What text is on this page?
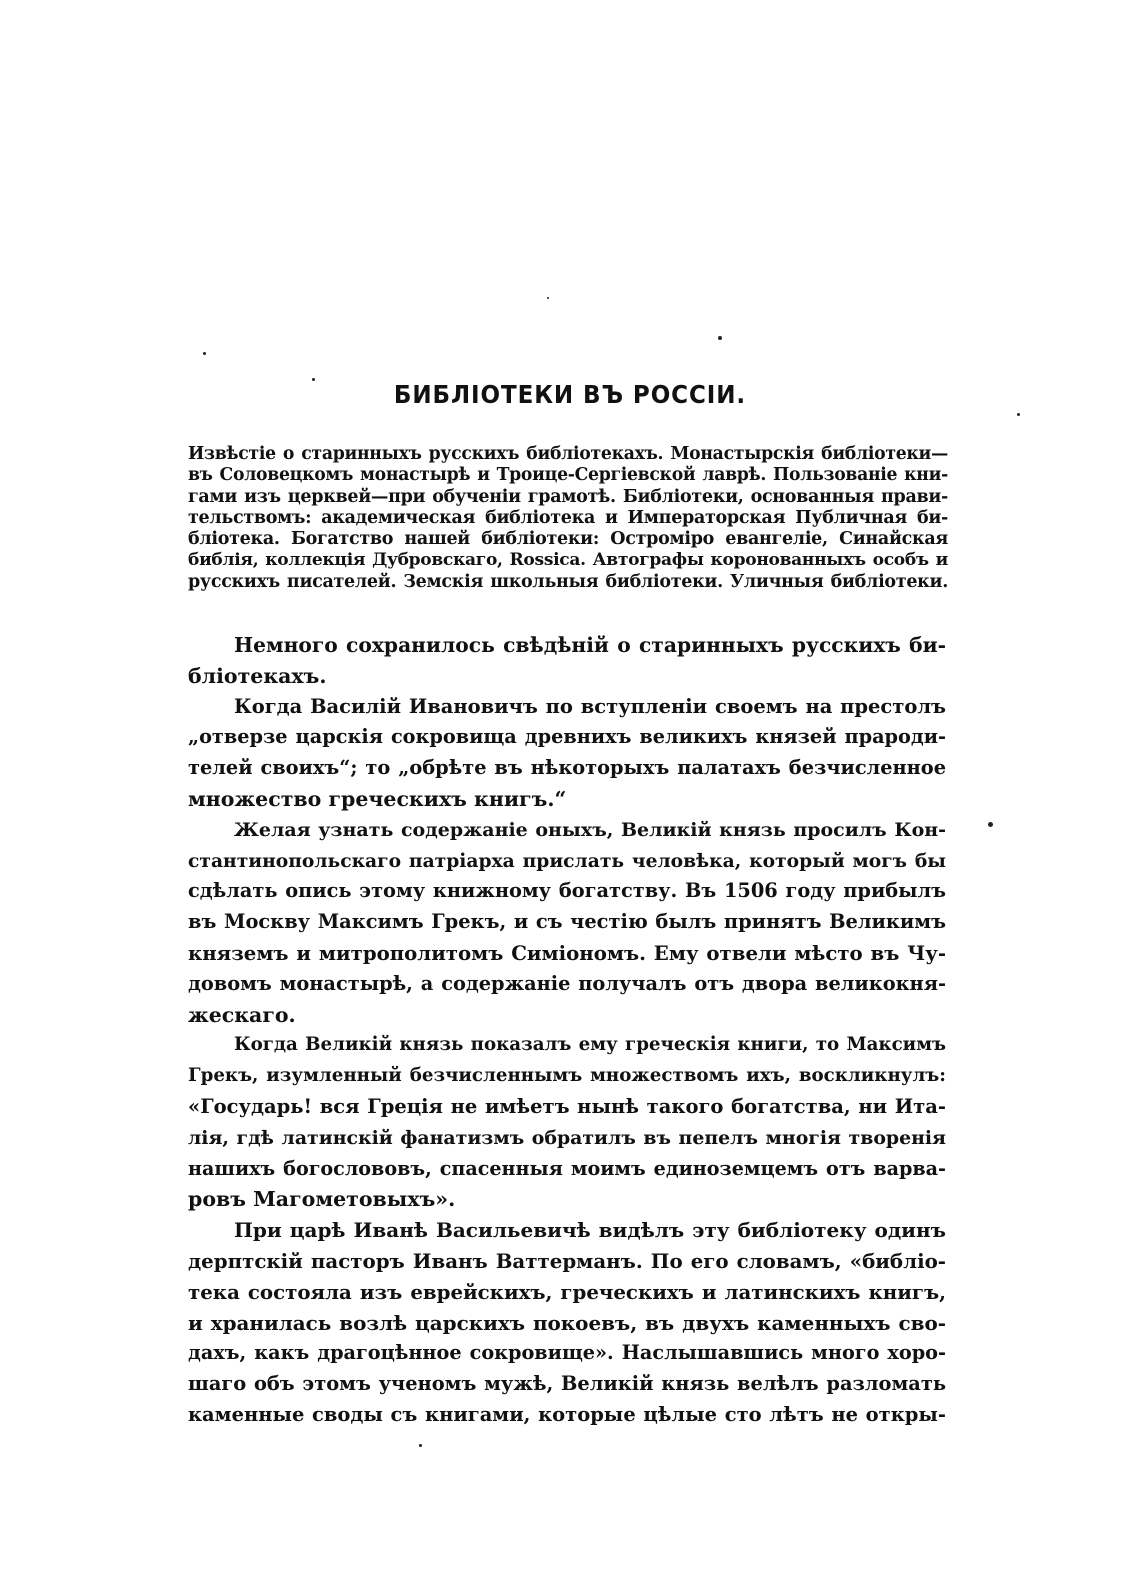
БИБЛІОТЕКИ ВЪ РОССІИ.
Извѣстіе о старинныхъ русскихъ библіотекахъ. Монастырскія библіотеки—
въ Соловецкомъ монастырѣ и Троице-Сергіевской лаврѣ. Пользованіе кни-
гами изъ церквей—при обученіи грамотѣ. Библіотеки, основанныя прави-
тельствомъ: академическая библіотека и Императорская Публичная би-
бліотека. Богатство нашей библіотеки: Остроміро евангеліе, Синайская
библія, коллекція Дубровскаго, Rossica. Автографы коронованныхъ особъ и
русскихъ писателей. Земскія школьныя библіотеки. Уличныя библіотеки.
Немного сохранилось свѣдѣній о старинныхъ русскихъ би-
бліотекахъ.
Когда Василій Ивановичъ по вступленіи своемъ на престолъ
„отверзе царскія сокровища древнихъ великихъ князей прароди-
телей своихъ“; то „обрѣте въ нѣкоторыхъ палатахъ безчисленное
множество греческихъ книгъ.“
Желая узнать содержаніе оныхъ, Великій князь просилъ Кон-
стантинопольскаго патріарха прислать человѣка, который могъ бы
сдѣлать опись этому книжному богатству. Въ 1506 году прибылъ
въ Москву Максимъ Грекъ, и съ честію былъ принятъ Великимъ
княземъ и митрополитомъ Симіономъ. Ему отвели мѣсто въ Чу-
довомъ монастырѣ, а содержаніе получалъ отъ двора великокня-
жескаго.
Когда Великій князь показалъ ему греческія книги, то Максимъ
Грекъ, изумленный безчисленнымъ множествомъ ихъ, воскликнулъ:
«Государь! вся Греція не имѣетъ нынѣ такого богатства, ни Ита-
лія, гдѣ латинскій фанатизмъ обратилъ въ пепелъ многія творенія
нашихъ богослововъ, спасенныя моимъ единоземцемъ отъ варва-
ровъ Магометовыхъ».
При царѣ Иванѣ Васильевичѣ видѣлъ эту библіотеку одинъ
дерптскій пасторъ Иванъ Ваттерманъ. По его словамъ, «библіо-
тека состояла изъ еврейскихъ, греческихъ и латинскихъ книгъ,
и хранилась возлѣ царскихъ покоевъ, въ двухъ каменныхъ сво-
дахъ, какъ драгоцѣнное сокровище». Наслышавшись много хоро-
шаго объ этомъ ученомъ мужѣ, Великій князь велѣлъ разломать
каменные своды съ книгами, которые цѣлые сто лѣтъ не откры-
